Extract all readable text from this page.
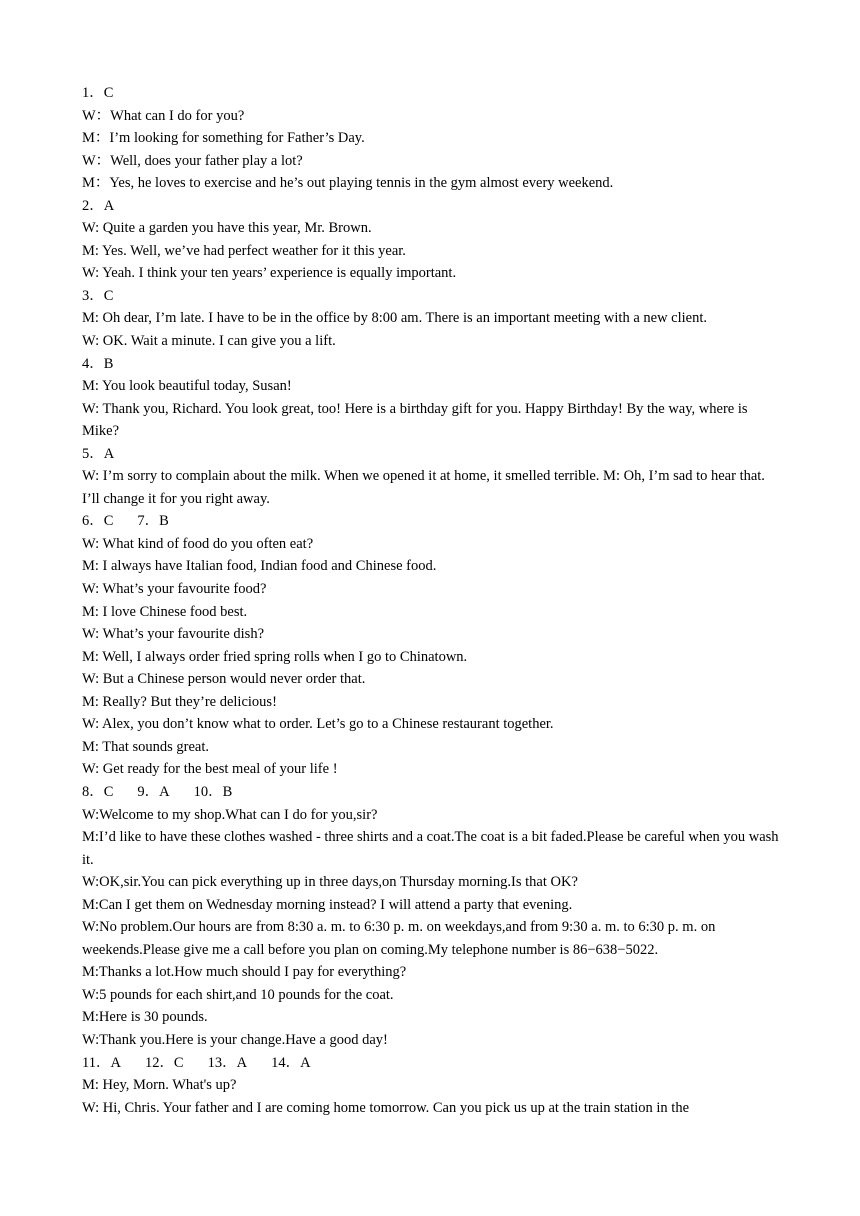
1．C
W：What can I do for you?
M：I’m looking for something for Father’s Day.
W：Well, does your father play a lot?
M：Yes, he loves to exercise and he’s out playing tennis in the gym almost every weekend.
2．A
W: Quite a garden you have this year, Mr. Brown.
M: Yes. Well, we’ve had perfect weather for it this year.
W: Yeah. I think your ten years’ experience is equally important.
3．C
M: Oh dear, I’m late. I have to be in the office by 8:00 am. There is an important meeting with a new client.
W: OK. Wait a minute. I can give you a lift.
4．B
M: You look beautiful today, Susan!
W: Thank you, Richard. You look great, too! Here is a birthday gift for you. Happy Birthday! By the way, where is Mike?
5．A
W: I’m sorry to complain about the milk. When we opened it at home, it smelled terrible. M: Oh, I’m sad to hear that. I’ll change it for you right away.
6．C 7．B
W: What kind of food do you often eat?
M: I always have Italian food, Indian food and Chinese food.
W: What’s your favourite food?
M: I love Chinese food best.
W: What’s your favourite dish?
M: Well, I always order fried spring rolls when I go to Chinatown.
W: But a Chinese person would never order that.
M: Really? But they’re delicious!
W: Alex, you don’t know what to order. Let’s go to a Chinese restaurant together.
M: That sounds great.
W: Get ready for the best meal of your life !
8．C 9．A 10．B
W:Welcome to my shop.What can I do for you,sir?
M:I’d like to have these clothes washed - three shirts and a coat.The coat is a bit faded.Please be careful when you wash it.
W:OK,sir.You can pick everything up in three days,on Thursday morning.Is that OK?
M:Can I get them on Wednesday morning instead? I will attend a party that evening.
W:No problem.Our hours are from 8:30 a. m. to 6:30 p. m. on weekdays,and from 9:30 a. m. to 6:30 p. m. on weekends.Please give me a call before you plan on coming.My telephone number is 86−638−5022.
M:Thanks a lot.How much should I pay for everything?
W:5 pounds for each shirt,and 10 pounds for the coat.
M:Here is 30 pounds.
W:Thank you.Here is your change.Have a good day!
11．A 12．C 13．A 14．A
M: Hey, Morn. What's up?
W: Hi, Chris. Your father and I are coming home tomorrow. Can you pick us up at the train station in the
